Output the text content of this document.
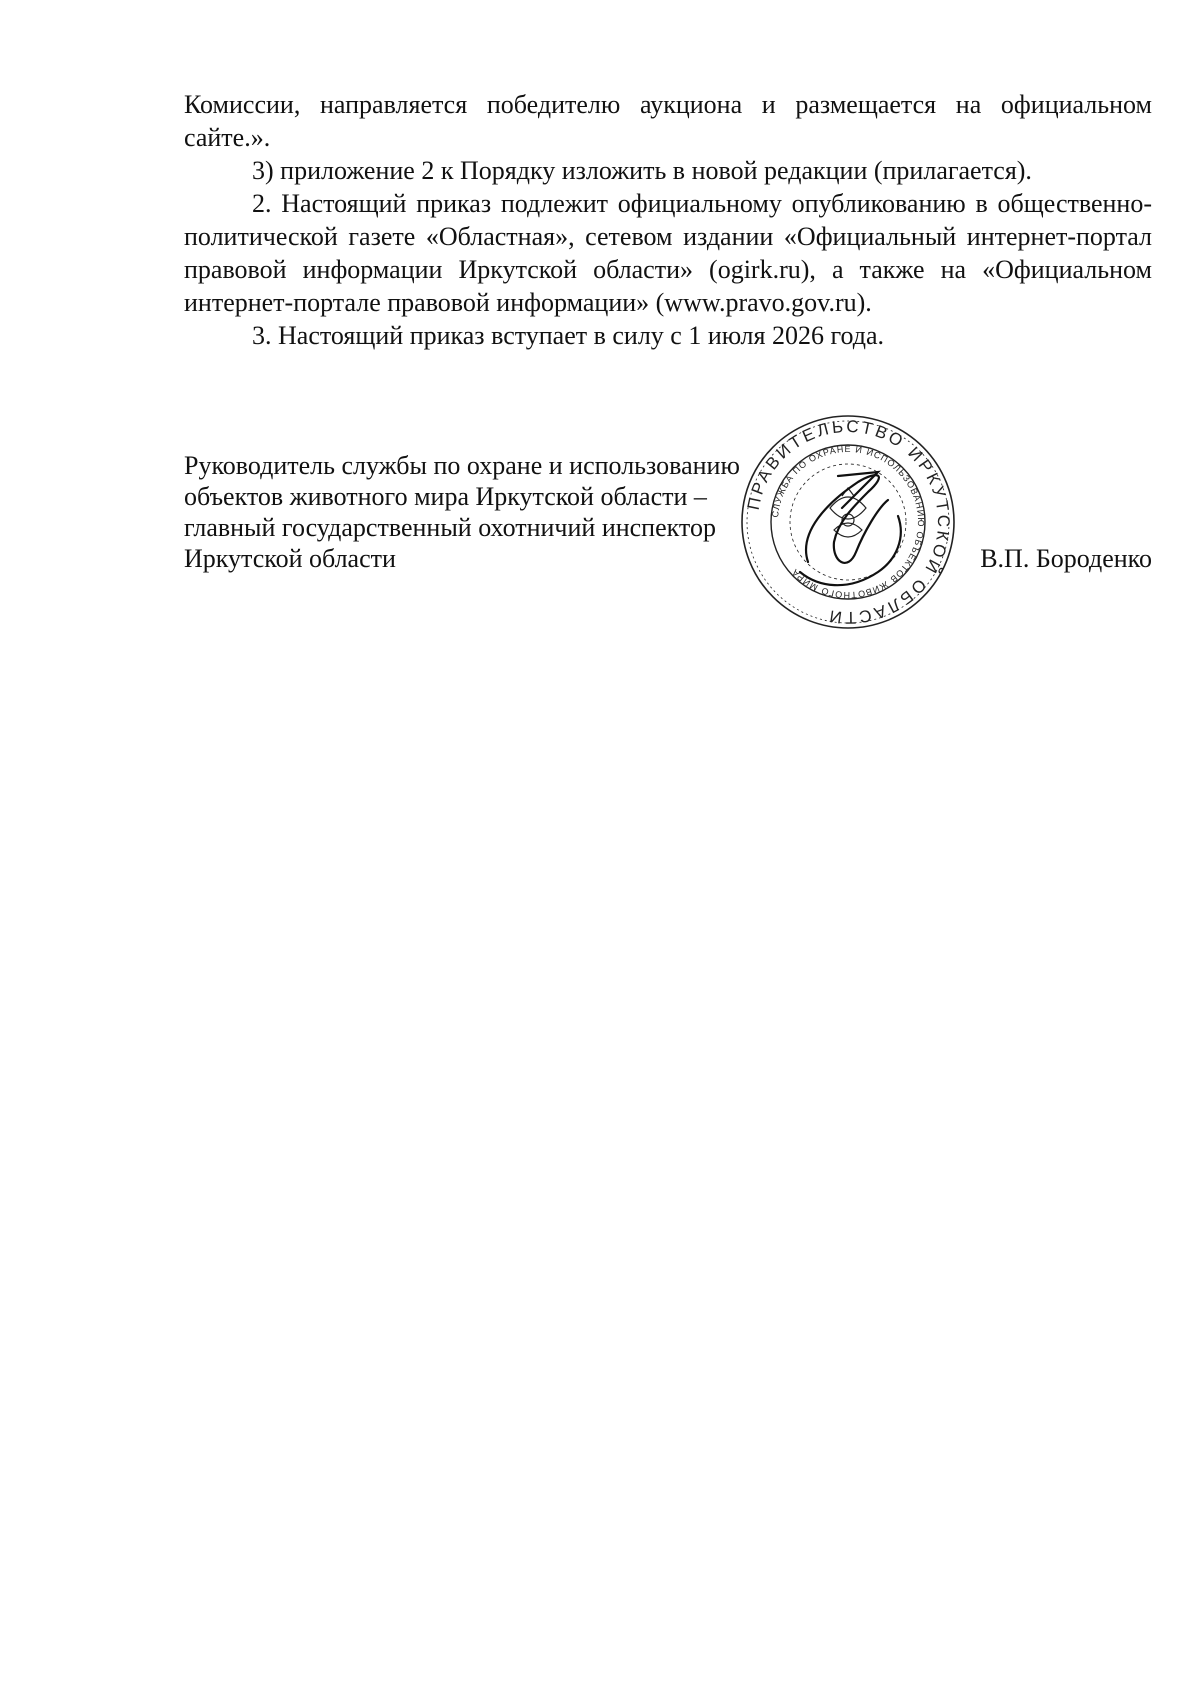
Комиссии, направляется победителю аукциона и размещается на официальном сайте.».

3) приложение 2 к Порядку изложить в новой редакции (прилагается).

2. Настоящий приказ подлежит официальному опубликованию в общественно-политической газете «Областная», сетевом издании «Официальный интернет-портал правовой информации Иркутской области» (ogirk.ru), а также на «Официальном интернет-портале правовой информации» (www.pravo.gov.ru).

3. Настоящий приказ вступает в силу с 1 июля 2026 года.

Руководитель службы по охране и использованию
объектов животного мира Иркутской области –
главный государственный охотничий инспектор
Иркутской области	В.П. Бороденко
ПРАВИТЕЛЬСТВО ИРКУТСКОЙ ОБЛАСТИ
СЛУЖБА ПО ОХРАНЕ И ИСПОЛЬЗОВАНИЮ ОБЪЕКТОВ ЖИВОТНОГО МИРА
